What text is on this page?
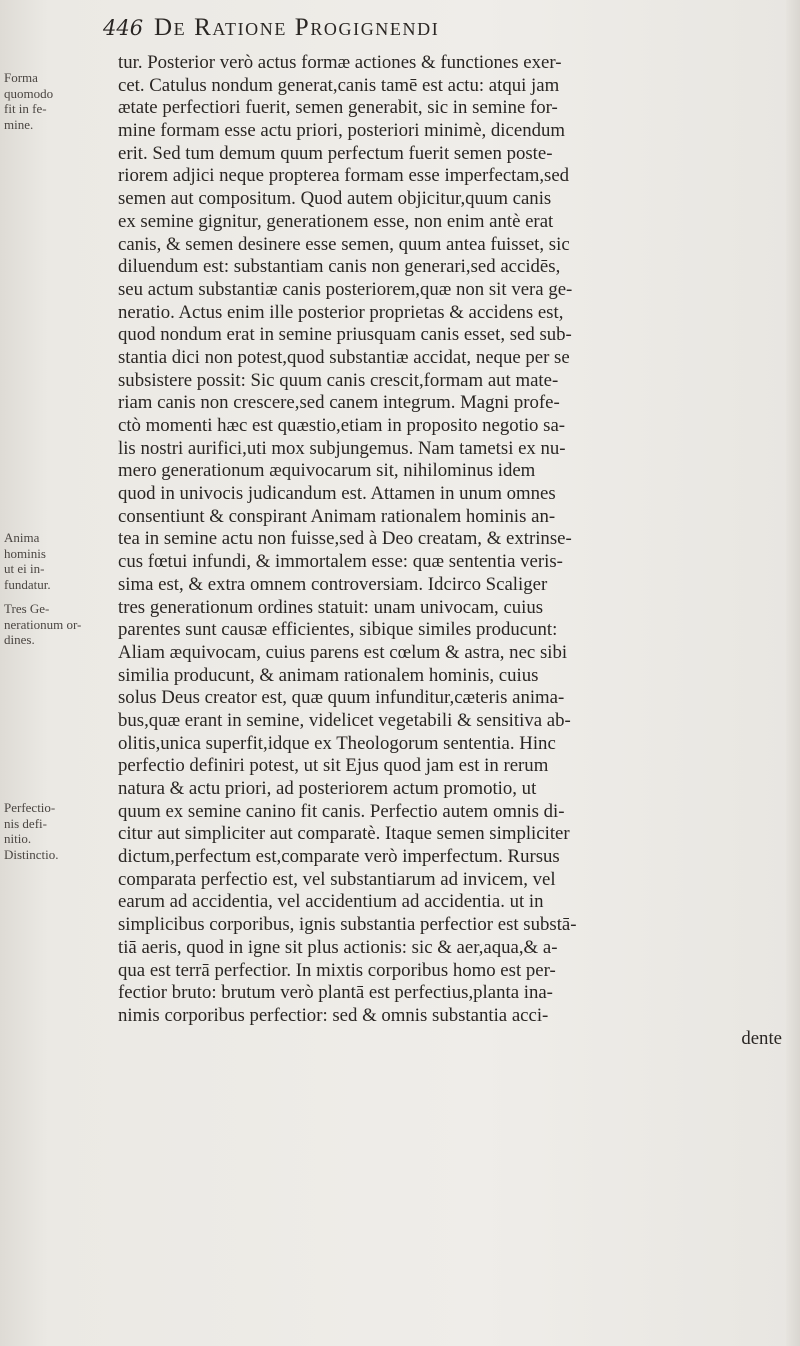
446 De Ratione Progignendi
Forma
quomodo
fit in fe-
mine.
Anima
hominis
ut ei in-
fundatur.
Tres Ge-
nerationum or-
dines.
Perfectio-
nis defi-
nitio.
Distinctio.
tur. Posterior verò actus formæ actiones & functiones exer-
cet. Catulus nondum generat,canis tamē est actu: atqui jam
ætate perfectiori fuerit, semen generabit, sic in semine for-
mine formam esse actu priori, posteriori minimè, dicendum
erit. Sed tum demum quum perfectum fuerit semen poste-
riorem adjici neque propterea formam esse imperfectam,sed
semen aut compositum. Quod autem objicitur,quum canis
ex semine gignitur, generationem esse, non enim antè erat
canis, & semen desinere esse semen, quum antea fuisset, sic
diluendum est: substantiam canis non generari,sed accidēs,
seu actum substantiæ canis posteriorem,quæ non sit vera ge-
neratio. Actus enim ille posterior proprietas & accidens est,
quod nondum erat in semine priusquam canis esset, sed sub-
stantia dici non potest,quod substantiæ accidat, neque per se
subsistere possit: Sic quum canis crescit,formam aut mate-
riam canis non crescere,sed canem integrum. Magni profe-
ctò momenti hæc est quæstio,etiam in proposito negotio sa-
lis nostri aurifici,uti mox subjungemus. Nam tametsi ex nu-
mero generationum æquivocarum sit, nihilominus idem
quod in univocis judicandum est. Attamen in unum omnes
consentiunt & conspirant Animam rationalem hominis an-
tea in semine actu non fuisse,sed à Deo creatam, & extrinse-
cus fœtui infundi, & immortalem esse: quæ sententia veris-
sima est, & extra omnem controversiam. Idcirco Scaliger
tres generationum ordines statuit: unam univocam, cuius
parentes sunt causæ efficientes, sibique similes producunt:
Aliam æquivocam, cuius parens est cœlum & astra, nec sibi
similia producunt, & animam rationalem hominis, cuius
solus Deus creator est, quæ quum infunditur,cæteris anima-
bus,quæ erant in semine, videlicet vegetabili & sensitiva ab-
olitis,unica superfit,idque ex Theologorum sententia. Hinc
perfectio definiri potest, ut sit Ejus quod jam est in rerum
natura & actu priori, ad posteriorem actum promotio, ut
quum ex semine canino fit canis. Perfectio autem omnis di-
citur aut simpliciter aut comparatè. Itaque semen simpliciter
dictum,perfectum est,comparate verò imperfectum. Rursus
comparata perfectio est, vel substantiarum ad invicem, vel
earum ad accidentia, vel accidentium ad accidentia. ut in
simplicibus corporibus, ignis substantia perfectior est substā-
tiā aeris, quod in igne sit plus actionis: sic & aer,aqua,& a-
qua est terrā perfectior. In mixtis corporibus homo est per-
fectior bruto: brutum verò plantā est perfectius,planta ina-
nimis corporibus perfectior: sed & omnis substantia acci-
dente
